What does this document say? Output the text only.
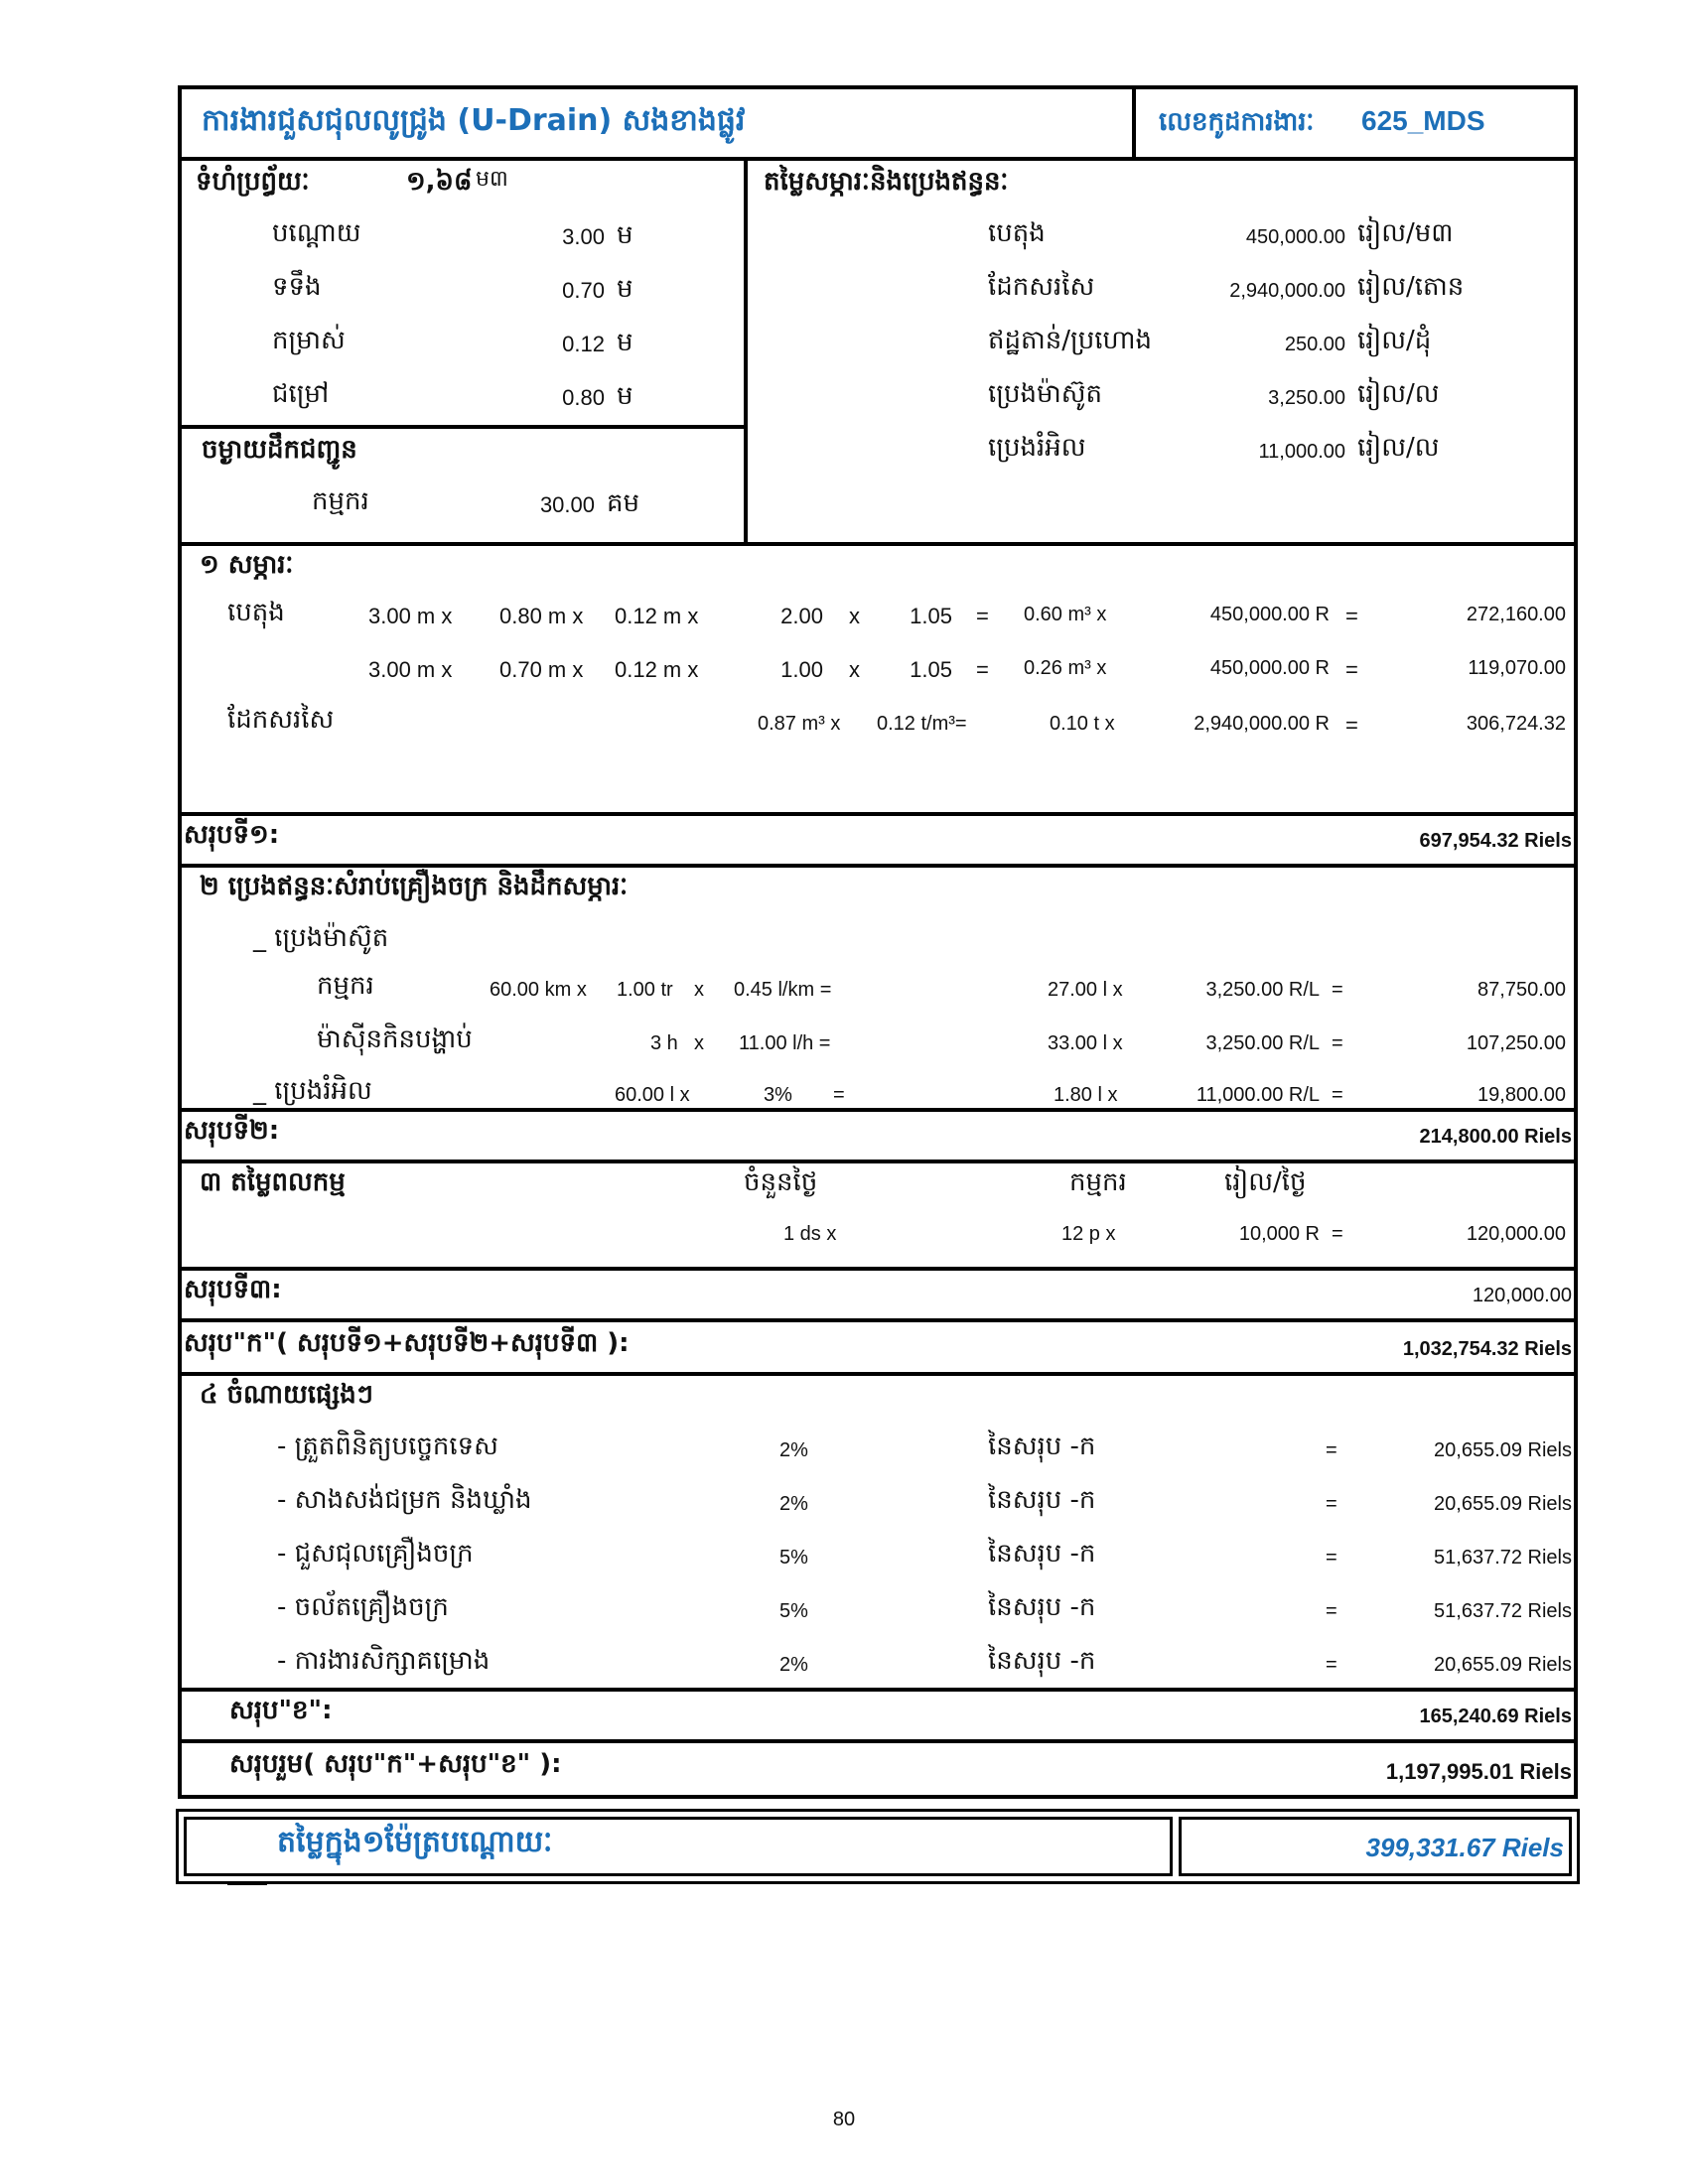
ការងារជួសជុលលូជ្រូង (U-Drain) សងខាងផ្លូវ	លេខកូដការងារៈ 625_MDS
ទំហំប្រព្ធ័យៈ	១,៦៨ ម៣
បណ្ដោយ	3.00 ម
ទទឹង	0.70 ម
កម្រាស់	0.12 ម
ជម្រៅ	0.80 ម
ចម្ងាយដឹកជញ្ជូន
កម្មករ	30.00 គម
តម្លៃសម្ភារៈនិងប្រេងឥន្ធនៈ
បេតុង	450,000.00 រៀល/ម៣
ដែកសរសៃ	2,940,000.00 រៀល/តោន
ឥដ្ឋតាន់/ប្រហោង	250.00 រៀល/ដុំ
ប្រេងម៉ាស៊ូត	3,250.00 រៀល/ល
ប្រេងរំអិល	11,000.00 រៀល/ល
១ សម្ភារៈ
បេតុង	3.00 m x 0.80 m x 0.12 m x	2.00 x	1.05 = 0.60 m³ x	450,000.00 R =	272,160.00
3.00 m x 0.70 m x 0.12 m x	1.00 x	1.05 = 0.26 m³ x	450,000.00 R =	119,070.00
ដែកសរសៃ	0.87 m³ x 0.12 t/m³=	0.10 t x	2,940,000.00 R =	306,724.32
សរុបទី១:	697,954.32 Riels
២ ប្រេងឥន្ធនៈសំរាប់គ្រឿងចក្រ និងដឹកសម្ភារៈ
_ ប្រេងម៉ាស៊ូត
កម្មករ	60.00 km x 1.00 tr x 0.45 l/km =	27.00 l x	3,250.00 R/L =	87,750.00
ម៉ាស៊ីនកិនបង្ហាប់	3 h x 11.00 l/h =	33.00 l x	3,250.00 R/L =	107,250.00
_ ប្រេងរំអិល	60.00 l x	3% =	1.80 l x	11,000.00 R/L =	19,800.00
សរុបទី២:	214,800.00 Riels
៣ តម្លៃពលកម្ម	ចំនួនថ្ងៃ	កម្មករ	រៀល/ថ្ងៃ
1 ds x	12 p x	10,000 R =	120,000.00
សរុបទី៣:	120,000.00
សរុប"ក"( សរុបទី១+សរុបទី២+សរុបទី៣ ):	1,032,754.32 Riels
៤ ចំណាយផ្សេងៗ
- ត្រួតពិនិត្យបច្ចេកទេស	2%	នៃសរុប -ក	=	20,655.09 Riels
- សាងសង់ជម្រក និងឃ្លាំង	2%	នៃសរុប -ក	=	20,655.09 Riels
- ជួសជុលគ្រឿងចក្រ	5%	នៃសរុប -ក	=	51,637.72 Riels
- ចល័តគ្រឿងចក្រ	5%	នៃសរុប -ក	=	51,637.72 Riels
- ការងារសិក្សាគម្រោង	2%	នៃសរុប -ក	=	20,655.09 Riels
សរុប"ខ":	165,240.69 Riels
សរុបរួម( សរុប"ក"+សរុប"ខ" ):	1,197,995.01 Riels
តម្លៃក្នុង១ម៉ែត្របណ្ដោយៈ	399,331.67 Riels
80
